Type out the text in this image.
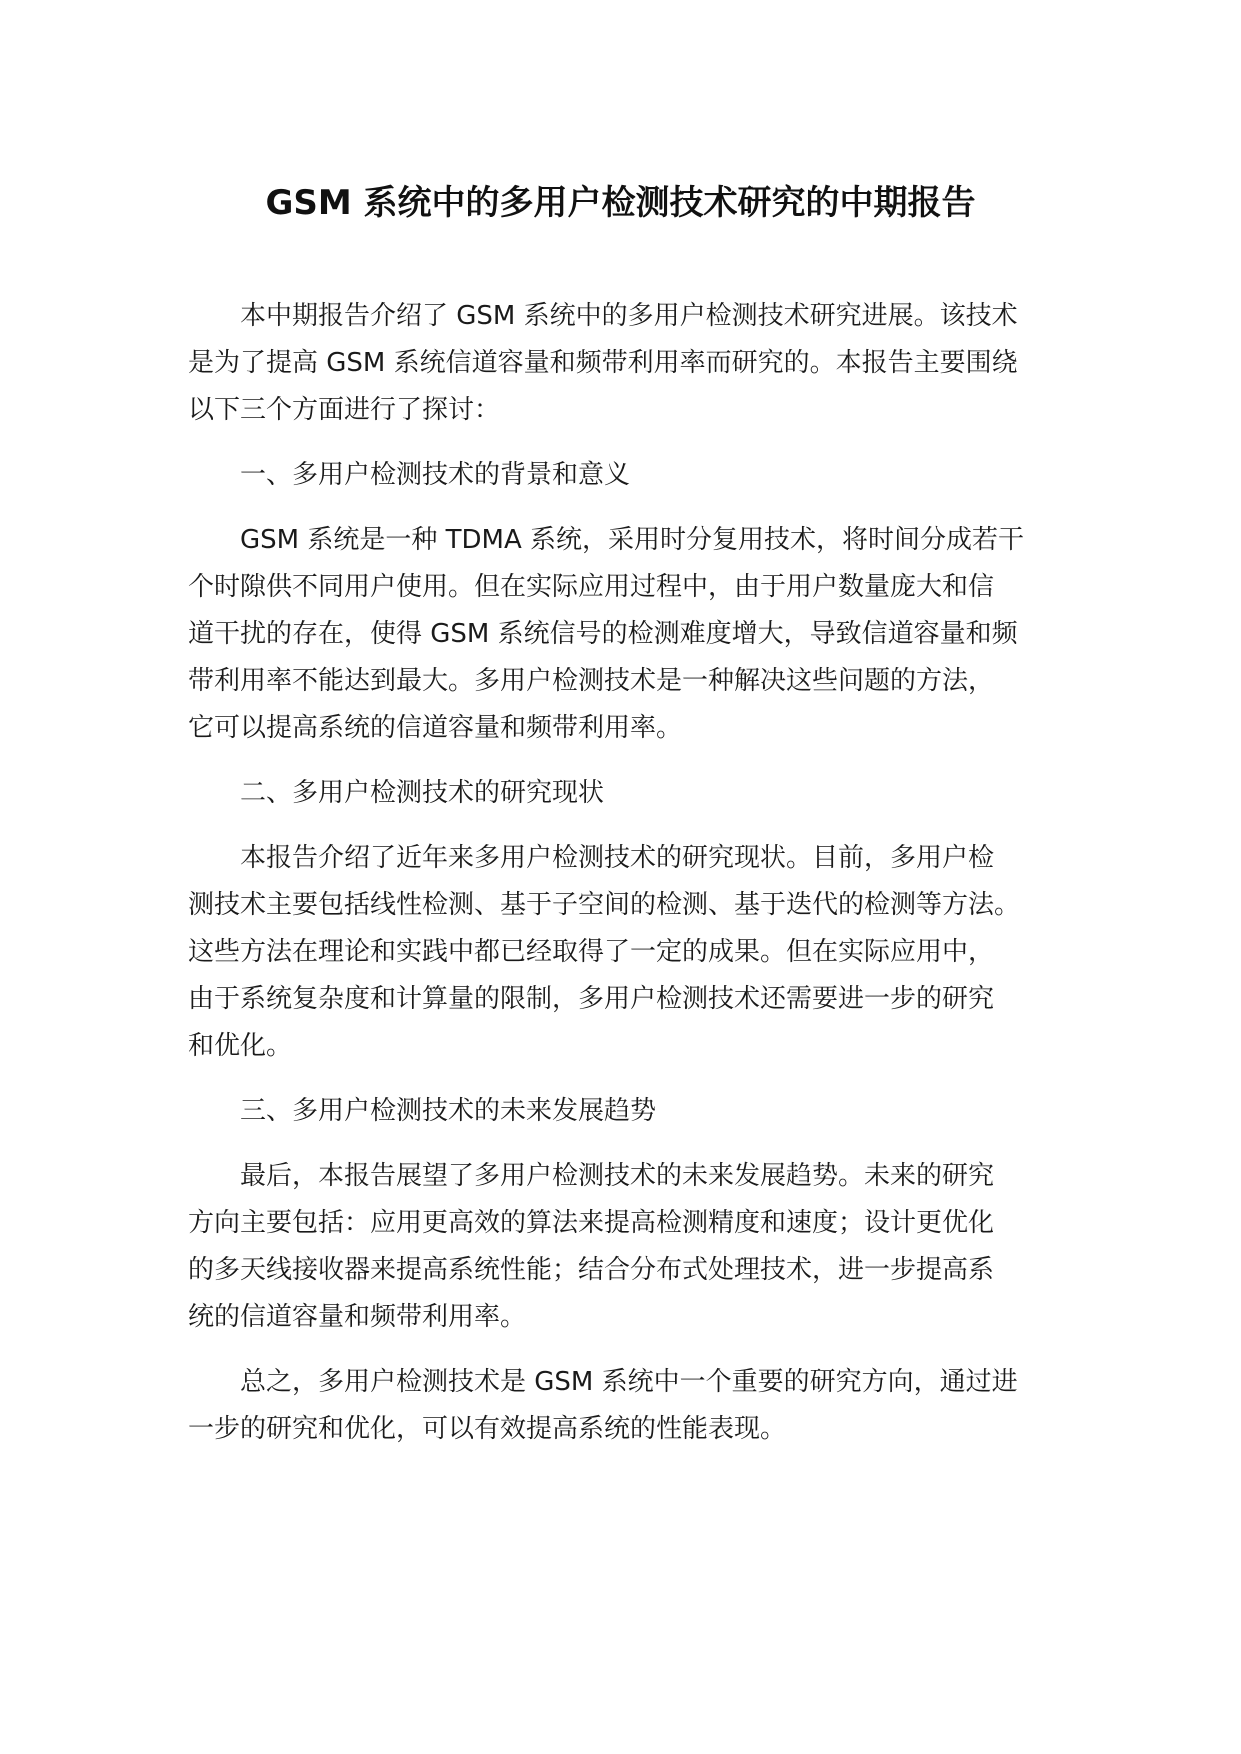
GSM 系统中的多用户检测技术研究的中期报告

本中期报告介绍了 GSM 系统中的多用户检测技术研究进展。该技术
是为了提高 GSM 系统信道容量和频带利用率而研究的。本报告主要围绕
以下三个方面进行了探讨：

一、多用户检测技术的背景和意义

GSM 系统是一种 TDMA 系统，采用时分复用技术，将时间分成若干
个时隙供不同用户使用。但在实际应用过程中，由于用户数量庞大和信
道干扰的存在，使得 GSM 系统信号的检测难度增大，导致信道容量和频
带利用率不能达到最大。多用户检测技术是一种解决这些问题的方法，
它可以提高系统的信道容量和频带利用率。

二、多用户检测技术的研究现状

本报告介绍了近年来多用户检测技术的研究现状。目前，多用户检
测技术主要包括线性检测、基于子空间的检测、基于迭代的检测等方法。
这些方法在理论和实践中都已经取得了一定的成果。但在实际应用中，
由于系统复杂度和计算量的限制，多用户检测技术还需要进一步的研究
和优化。

三、多用户检测技术的未来发展趋势

最后，本报告展望了多用户检测技术的未来发展趋势。未来的研究
方向主要包括：应用更高效的算法来提高检测精度和速度；设计更优化
的多天线接收器来提高系统性能；结合分布式处理技术，进一步提高系
统的信道容量和频带利用率。

总之，多用户检测技术是 GSM 系统中一个重要的研究方向，通过进
一步的研究和优化，可以有效提高系统的性能表现。
